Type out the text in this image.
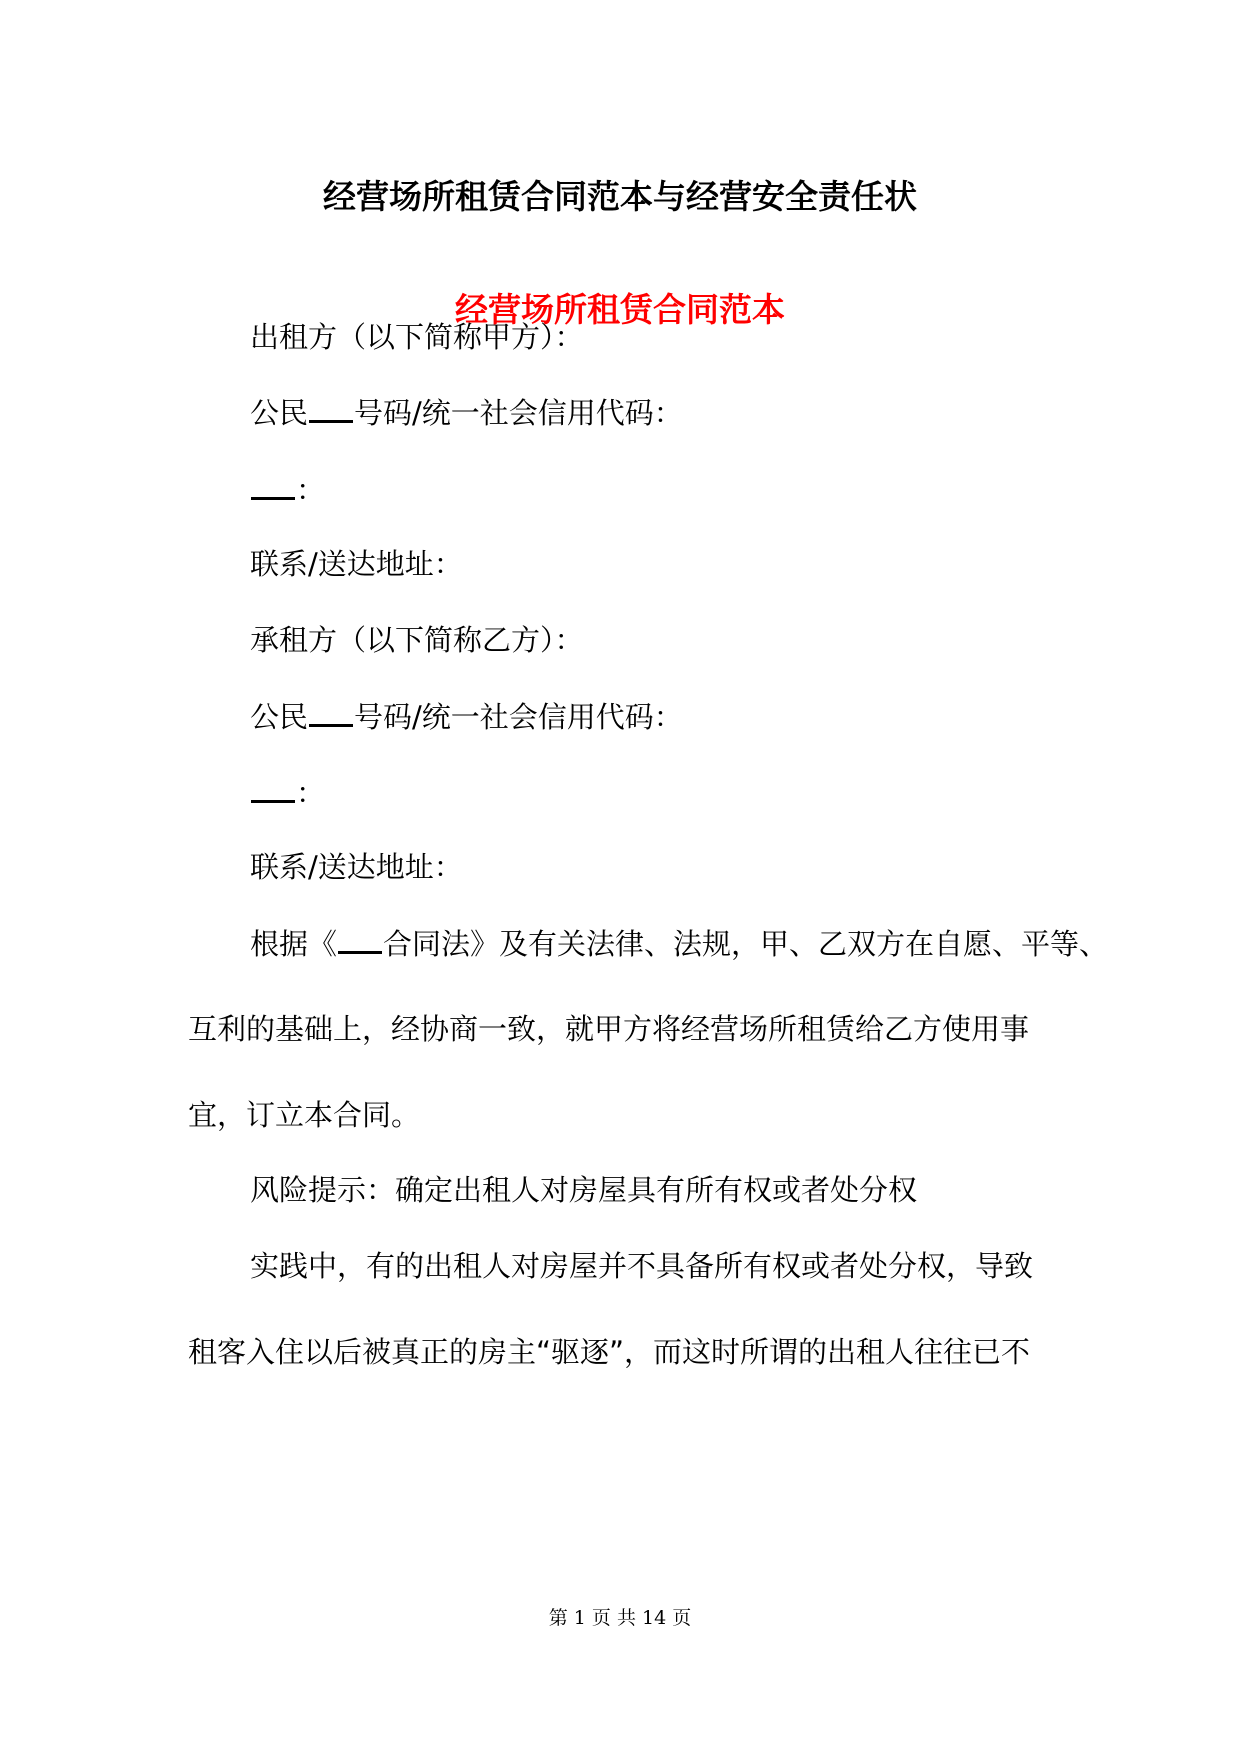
经营场所租赁合同范本与经营安全责任状
经营场所租赁合同范本

出租方（以下简称甲方）：

公民 号码/统一社会信用代码：

：

联系/送达地址：

承租方（以下简称乙方）：

公民 号码/统一社会信用代码：

：

联系/送达地址：

根据《 合同法》及有关法律、法规，甲、乙双方在自愿、平等、

互利的基础上，经协商一致，就甲方将经营场所租赁给乙方使用事

宜，订立本合同。

风险提示：确定出租人对房屋具有所有权或者处分权

实践中，有的出租人对房屋并不具备所有权或者处分权，导致

租客入住以后被真正的房主“驱逐”，而这时所谓的出租人往往已不

第 1 页 共 14 页
